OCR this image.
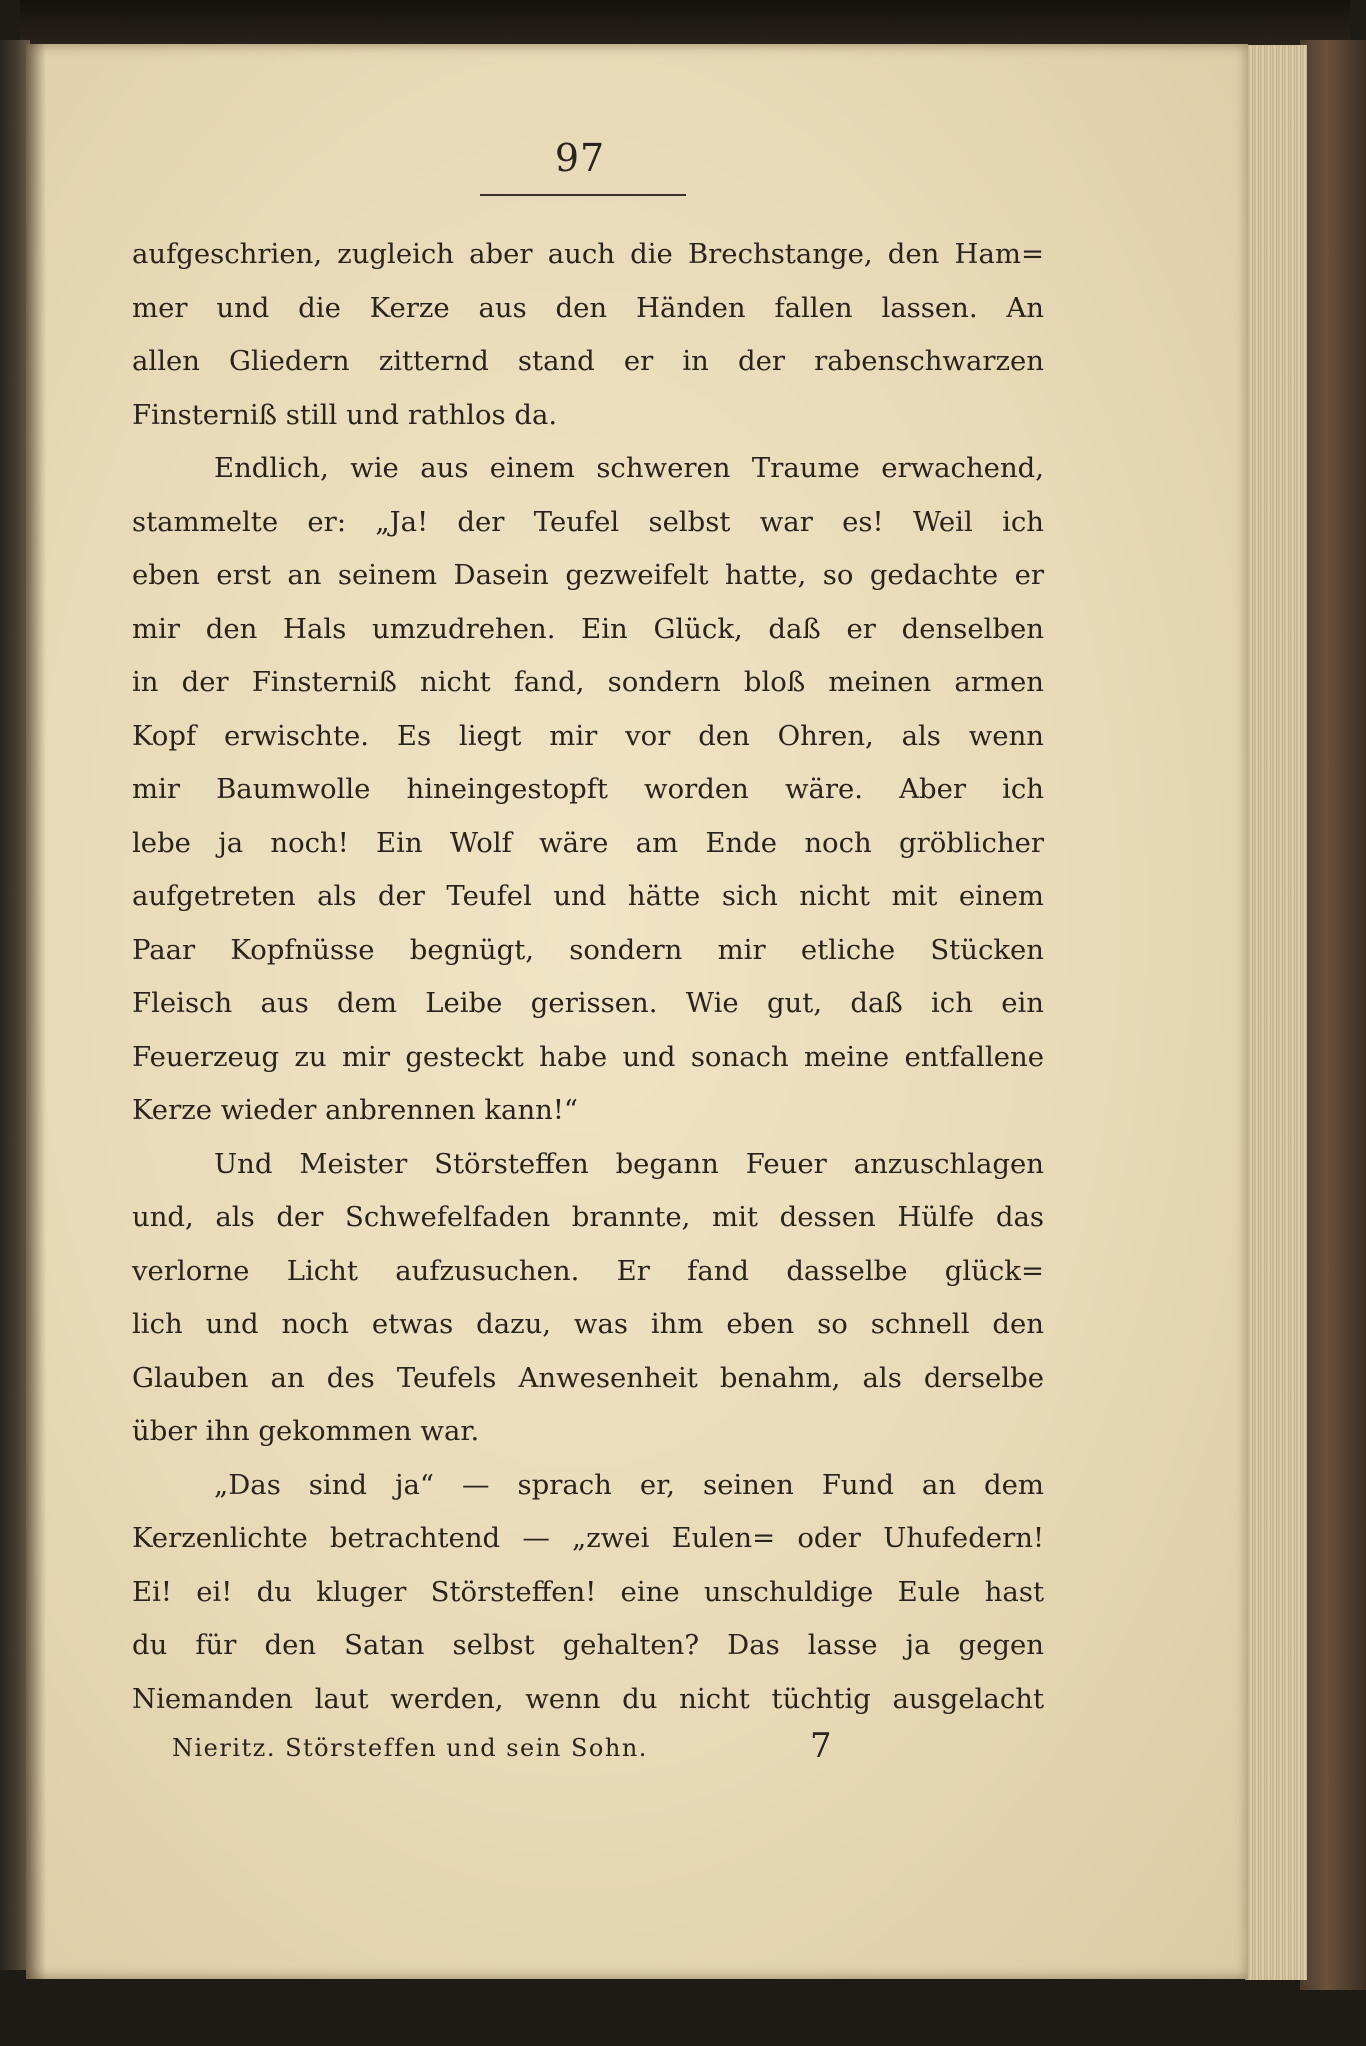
97
aufgeschrien, zugleich aber auch die Brechstange, den Ham=
mer und die Kerze aus den Händen fallen lassen. An
allen Gliedern zitternd stand er in der rabenschwarzen
Finsterniß still und rathlos da.
Endlich, wie aus einem schweren Traume erwachend,
stammelte er: „Ja! der Teufel selbst war es! Weil ich
eben erst an seinem Dasein gezweifelt hatte, so gedachte er
mir den Hals umzudrehen. Ein Glück, daß er denselben
in der Finsterniß nicht fand, sondern bloß meinen armen
Kopf erwischte. Es liegt mir vor den Ohren, als wenn
mir Baumwolle hineingestopft worden wäre. Aber ich
lebe ja noch! Ein Wolf wäre am Ende noch gröblicher
aufgetreten als der Teufel und hätte sich nicht mit einem
Paar Kopfnüsse begnügt, sondern mir etliche Stücken
Fleisch aus dem Leibe gerissen. Wie gut, daß ich ein
Feuerzeug zu mir gesteckt habe und sonach meine entfallene
Kerze wieder anbrennen kann!“
Und Meister Störsteffen begann Feuer anzuschlagen
und, als der Schwefelfaden brannte, mit dessen Hülfe das
verlorne Licht aufzusuchen. Er fand dasselbe glück=
lich und noch etwas dazu, was ihm eben so schnell den
Glauben an des Teufels Anwesenheit benahm, als derselbe
über ihn gekommen war.
„Das sind ja“ — sprach er, seinen Fund an dem
Kerzenlichte betrachtend — „zwei Eulen= oder Uhufedern!
Ei! ei! du kluger Störsteffen! eine unschuldige Eule hast
du für den Satan selbst gehalten? Das lasse ja gegen
Niemanden laut werden, wenn du nicht tüchtig ausgelacht
Nieritz. Störsteffen und sein Sohn.	7
